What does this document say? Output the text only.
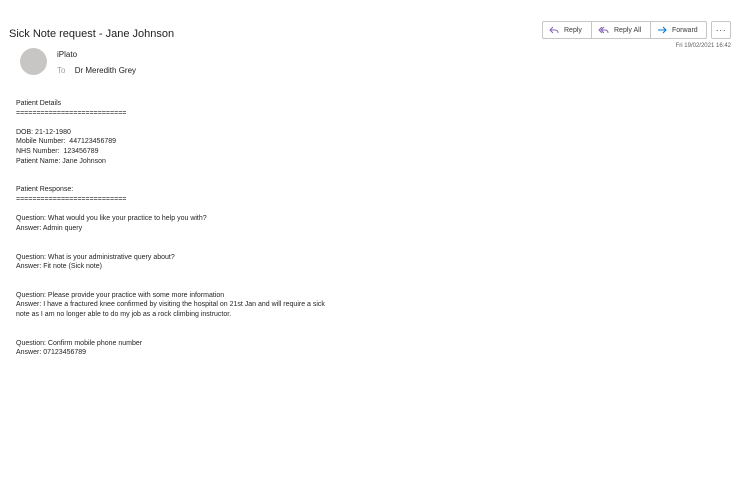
Sick Note request - Jane Johnson	Reply	Reply All	Forward ···
Fri 19/02/2021 16:42
iPlato
To Dr Meredith Grey
Patient Details
===========================
DOB: 21-12-1980
Mobile Number:  447123456789
NHS Number:  123456789
Patient Name: Jane Johnson
Patient Response:
===========================
Question: What would you like your practice to help you with?
Answer: Admin query
Question: What is your administrative query about?
Answer: Fit note (Sick note)
Question: Please provide your practice with some more information
Answer: I have a fractured knee confirmed by visiting the hospital on 21st Jan and will require a sick
note as I am no longer able to do my job as a rock climbing instructor.
Question: Confirm mobile phone number
Answer: 07123456789
